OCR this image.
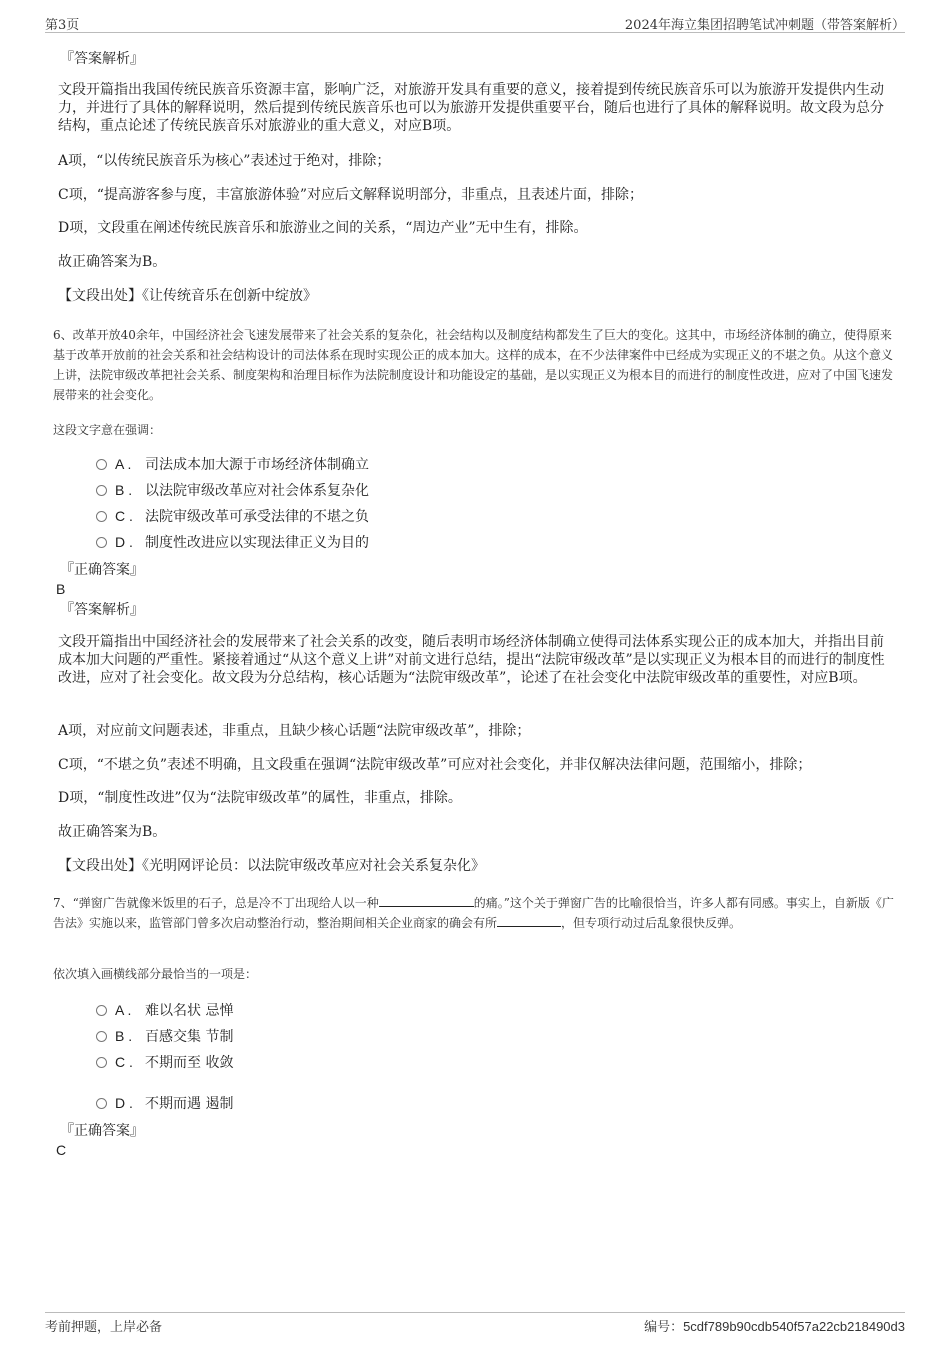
第3页	2024年海立集团招聘笔试冲刺题（带答案解析）
『答案解析』

文段开篇指出我国传统民族音乐资源丰富，影响广泛，对旅游开发具有重要的意义，接着提到传统民族音乐可以为旅游开发提供内生动力，并进行了具体的解释说明，然后提到传统民族音乐也可以为旅游开发提供重要平台，随后也进行了具体的解释说明。故文段为总分结构，重点论述了传统民族音乐对旅游业的重大意义，对应B项。

A项，“以传统民族音乐为核心”表述过于绝对，排除；
C项，“提高游客参与度，丰富旅游体验”对应后文解释说明部分，非重点，且表述片面，排除；
D项，文段重在阐述传统民族音乐和旅游业之间的关系，“周边产业”无中生有，排除。
故正确答案为B。
【文段出处】《让传统音乐在创新中绽放》

6、改革开放40余年，中国经济社会飞速发展带来了社会关系的复杂化，社会结构以及制度结构都发生了巨大的变化。这其中，市场经济体制的确立，使得原来基于改革开放前的社会关系和社会结构设计的司法体系在现时实现公正的成本加大。这样的成本，在不少法律案件中已经成为实现正义的不堪之负。从这个意义上讲，法院审级改革把社会关系、制度架构和治理目标作为法院制度设计和功能设定的基础，是以实现正义为根本目的而进行的制度性改进，应对了中国飞速发展带来的社会变化。

这段文字意在强调：
A . 司法成本加大源于市场经济体制确立
B . 以法院审级改革应对社会体系复杂化
C . 法院审级改革可承受法律的不堪之负
D . 制度性改进应以实现法律正义为目的
『正确答案』
B
『答案解析』

文段开篇指出中国经济社会的发展带来了社会关系的改变，随后表明市场经济体制确立使得司法体系实现公正的成本加大，并指出目前成本加大问题的严重性。紧接着通过“从这个意义上讲”对前文进行总结，提出“法院审级改革”是以实现正义为根本目的而进行的制度性改进，应对了社会变化。故文段为分总结构，核心话题为“法院审级改革”，论述了在社会变化中法院审级改革的重要性，对应B项。

A项，对应前文问题表述，非重点，且缺少核心话题“法院审级改革”，排除；
C项，“不堪之负”表述不明确，且文段重在强调“法院审级改革”可应对社会变化，并非仅解决法律问题，范围缩小，排除；
D项，“制度性改进”仅为“法院审级改革”的属性，非重点，排除。
故正确答案为B。
【文段出处】《光明网评论员：以法院审级改革应对社会关系复杂化》

7、“弹窗广告就像米饭里的石子，总是冷不丁出现给人以一种	的痛。”这个关于弹窗广告的比喻很恰当，许多人都有同感。事实上，自新版《广告法》实施以来，监管部门曾多次启动整治行动，整治期间相关企业商家的确会有所	，但专项行动过后乱象很快反弹。

依次填入画横线部分最恰当的一项是：
A . 难以名状 忌惮
B . 百感交集 节制
C . 不期而至 收敛
D . 不期而遇 遏制
『正确答案』
C
考前押题，上岸必备	编号：5cdf789b90cdb540f57a22cb218490d3
